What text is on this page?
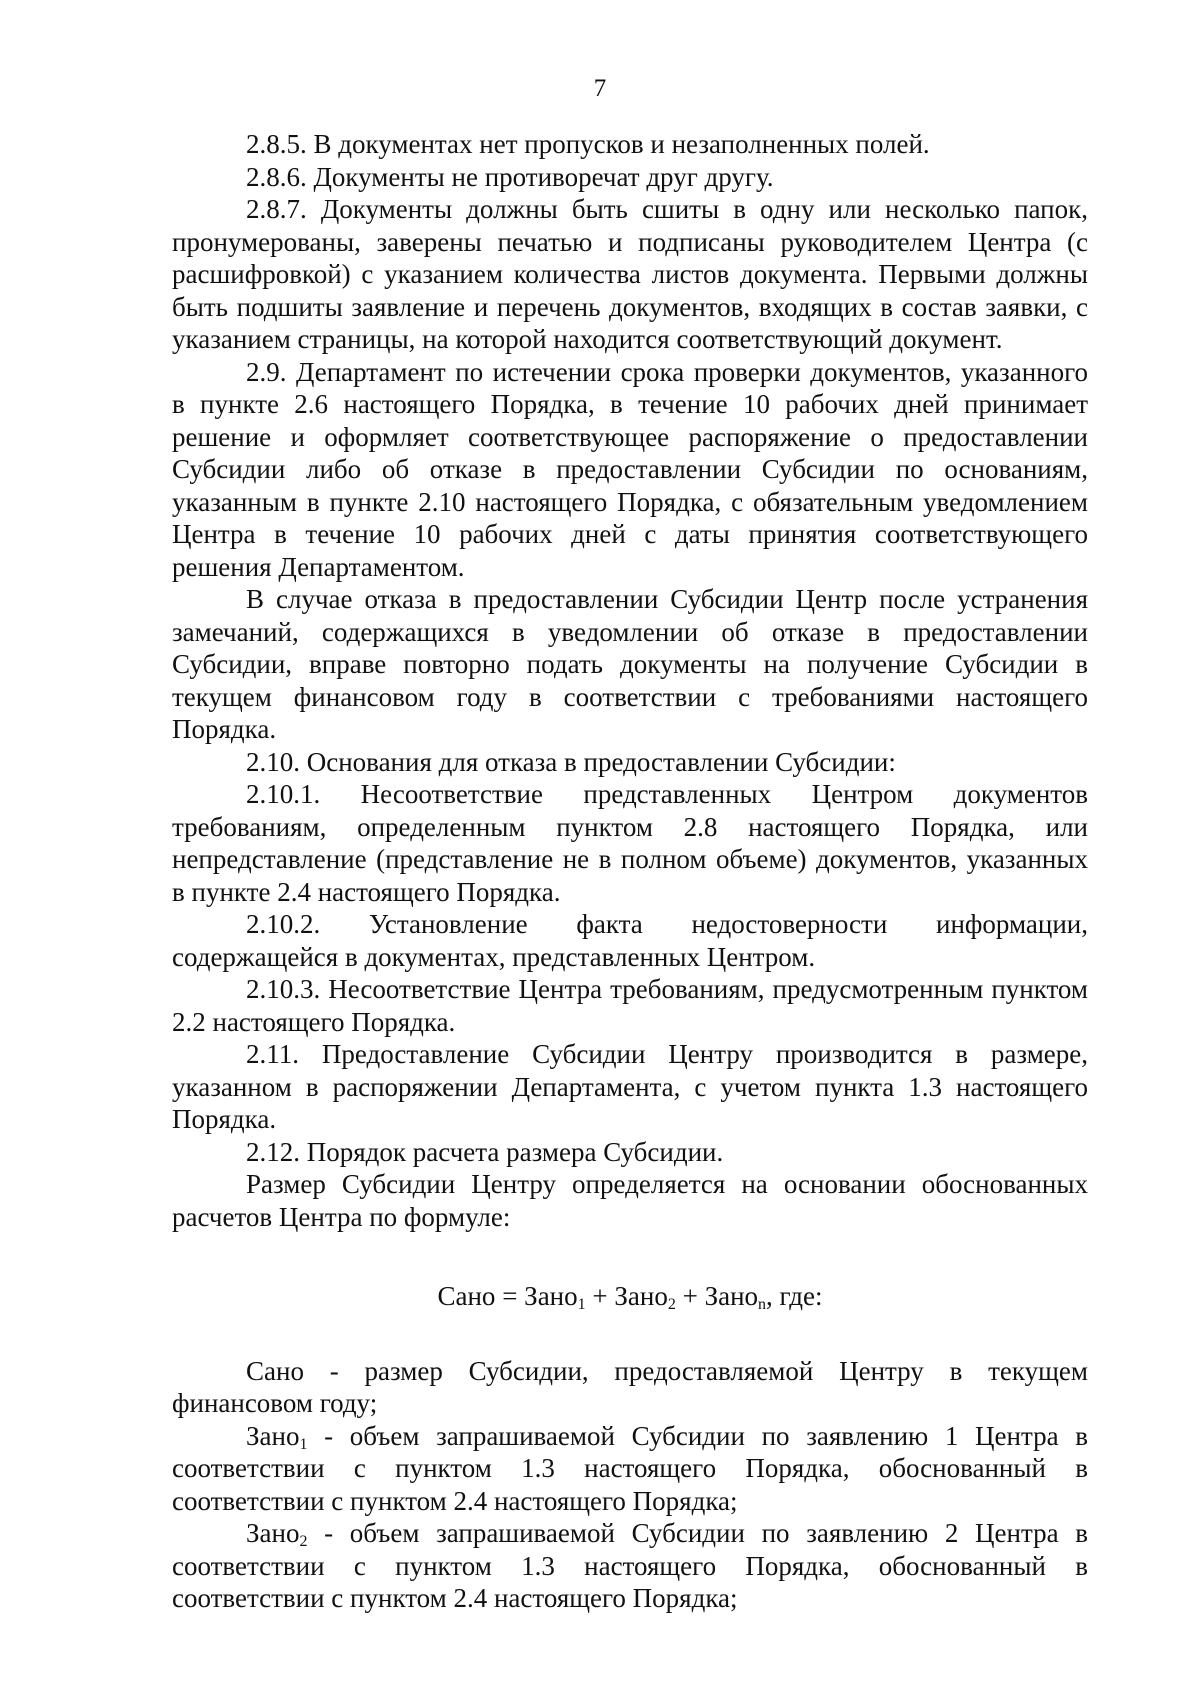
7

2.8.5. В документах нет пропусков и незаполненных полей.

2.8.6. Документы не противоречат друг другу.

2.8.7. Документы должны быть сшиты в одну или несколько папок, пронумерованы, заверены печатью и подписаны руководителем Центра (с расшифровкой) с указанием количества листов документа. Первыми должны быть подшиты заявление и перечень документов, входящих в состав заявки, с указанием страницы, на которой находится соответствующий документ.

2.9. Департамент по истечении срока проверки документов, указанного в пункте 2.6 настоящего Порядка, в течение 10 рабочих дней принимает решение и оформляет соответствующее распоряжение о предоставлении Субсидии либо об отказе в предоставлении Субсидии по основаниям, указанным в пункте 2.10 настоящего Порядка, с обязательным уведомлением Центра в течение 10 рабочих дней с даты принятия соответствующего решения Департаментом.

В случае отказа в предоставлении Субсидии Центр после устранения замечаний, содержащихся в уведомлении об отказе в предоставлении Субсидии, вправе повторно подать документы на получение Субсидии в текущем финансовом году в соответствии с требованиями настоящего Порядка.

2.10. Основания для отказа в предоставлении Субсидии:

2.10.1. Несоответствие представленных Центром документов требованиям, определенным пунктом 2.8 настоящего Порядка, или непредставление (представление не в полном объеме) документов, указанных в пункте 2.4 настоящего Порядка.

2.10.2. Установление факта недостоверности информации, содержащейся в документах, представленных Центром.

2.10.3. Несоответствие Центра требованиям, предусмотренным пунктом 2.2 настоящего Порядка.

2.11. Предоставление Субсидии Центру производится в размере, указанном в распоряжении Департамента, с учетом пункта 1.3 настоящего Порядка.

2.12. Порядок расчета размера Субсидии.

Размер Субсидии Центру определяется на основании обоснованных расчетов Центра по формуле:

Сано = Зано$_1$ + Зано$_2$ + Зано$_n$, где:

Сано - размер Субсидии, предоставляемой Центру в текущем финансовом году;

Зано$_1$ - объем запрашиваемой Субсидии по заявлению 1 Центра в соответствии с пунктом 1.3 настоящего Порядка, обоснованный в соответствии с пунктом 2.4 настоящего Порядка;

Зано$_2$ - объем запрашиваемой Субсидии по заявлению 2 Центра в соответствии с пунктом 1.3 настоящего Порядка, обоснованный в соответствии с пунктом 2.4 настоящего Порядка;
